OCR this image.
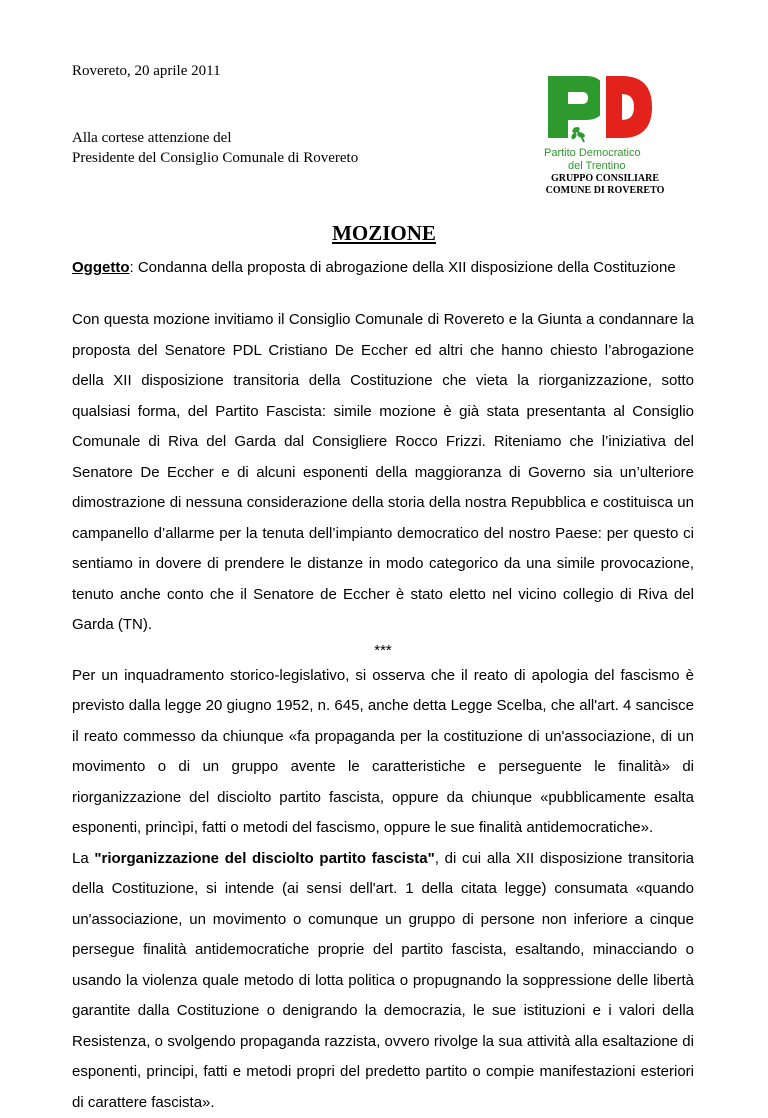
Rovereto, 20 aprile 2011
Alla cortese attenzione del
Presidente del Consiglio Comunale di Rovereto	Partito Democratico
del Trentino
GRUPPO CONSILIARE
COMUNE DI ROVERETO
MOZIONE
Oggetto: Condanna della proposta di abrogazione della XII disposizione della Costituzione

Con questa mozione invitiamo il Consiglio Comunale di Rovereto e la Giunta a condannare la proposta del Senatore PDL Cristiano De Eccher ed altri che hanno chiesto l’abrogazione della XII disposizione transitoria della Costituzione che vieta la riorganizzazione, sotto qualsiasi forma, del Partito Fascista: simile mozione è già stata presentanta al Consiglio Comunale di Riva del Garda dal Consigliere Rocco Frizzi. Riteniamo che l’iniziativa del Senatore De Eccher e di alcuni esponenti della maggioranza di Governo sia un’ulteriore dimostrazione di nessuna considerazione della storia della nostra Repubblica e costituisca un campanello d’allarme per la tenuta dell’impianto democratico del nostro Paese: per questo ci sentiamo in dovere di prendere le distanze in modo categorico da una simile provocazione, tenuto anche conto che il Senatore de Eccher è stato eletto nel vicino collegio di Riva del Garda (TN).

***

Per un inquadramento storico-legislativo, si osserva che il reato di apologia del fascismo è previsto dalla legge 20 giugno 1952, n. 645, anche detta Legge Scelba, che all'art. 4 sancisce il reato commesso da chiunque «fa propaganda per la costituzione di un'associazione, di un movimento o di un gruppo avente le caratteristiche e perseguente le finalità» di riorganizzazione del disciolto partito fascista, oppure da chiunque «pubblicamente esalta esponenti, princìpi, fatti o metodi del fascismo, oppure le sue finalità antidemocratiche».

La "riorganizzazione del disciolto partito fascista", di cui alla XII disposizione transitoria della Costituzione, si intende (ai sensi dell'art. 1 della citata legge) consumata «quando un'associazione, un movimento o comunque un gruppo di persone non inferiore a cinque persegue finalità antidemocratiche proprie del partito fascista, esaltando, minacciando o usando la violenza quale metodo di lotta politica o propugnando la soppressione delle libertà garantite dalla Costituzione o denigrando la democrazia, le sue istituzioni e i valori della Resistenza, o svolgendo propaganda razzista, ovvero rivolge la sua attività alla esaltazione di esponenti, principi, fatti e metodi propri del predetto partito o compie manifestazioni esteriori di carattere fascista».
